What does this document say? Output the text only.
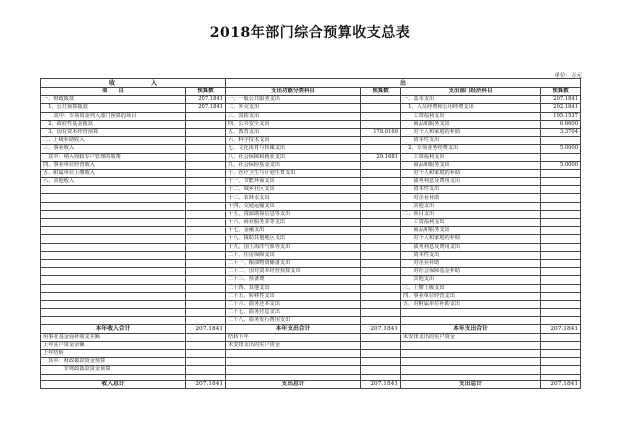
2018年部门综合预算收支总表
单位：万元
收　　　　　　入		出			
项　　目	预算数	支出功能分类科目	预算数	支出部门经济科目	预算数
一、财政拨款	207.1841	一、一般公共服务支出		一、基本支出	207.1841
　1、公共预算拨款	207.1841	二、外交支出		　1、人员经费和公用经费支出	202.1841
　　其中：专项资金列入部门预算的项目		三、国防支出		　　工资福利支出	195.1537
　2、政府性基金拨款		四、公共安全支出		　　商品和服务支出	6.6600
　3、国有资本经营预算		五、教育支出	178.0160	　　对个人和家庭的补助	3.3704
二、上级补助收入		六、科学技术支出		　　资本性支出	
三、事业收入		七、文化体育与传媒支出		　2、专项业务经费支出	5.0000
　其中：纳入财政专户管理的收费		八、社会保障和就业支出	29.1681	　　工资福利支出	
四、事业单位经营收入		九、社会保险基金支出		　　商品和服务支出	5.0000
五、附属单位上缴收入		十、医疗卫生与计划生育支出		　　对个人和家庭的补助	
六、其他收入		十一、节能环保支出		　　债务利息及费用支出	
		十二、城乡社区支出		　　资本性支出	
		十三、农林水支出		　　对企业补助	
		十四、交通运输支出		　　其他支出	
		十五、资源勘探信息等支出		二、项目支出	
		十六、商业服务业等支出		　　工资福利支出	
		十七、金融支出		　　商品和服务支出	
		十八、援助其他地区支出		　　对个人和家庭的补助	
		十九、国土海洋气象等支出		　　债务利息及费用支出	
		二十、住房保障支出		　　资本性支出	
		二十一、粮油物资储备支出		　　对企业补助	
		二十二、国有资本经营预算支出		　　对社会保障基金补助	
		二十三、预备费		　　其他支出	
		二十四、其他支出		三、上缴上级支出	
		二十五、转移性支出		四、事业单位经营支出	
		二十六、债务还本支出		五、对附属单位补助支出	
		二十七、债务付息支出			
		二十八、债务发行费用支出			
本年收入合计	207.1841	本年支出合计	207.1841	本年支出合计	207.1841
用事业基金弥补收支差额		结转下年		未安排支出的实户资金	
上年实户资金余额		未安排支出的实户资金			
上年结转					
　其中：财政拨款资金预算					
　　　　非财政拨款资金预算					

收入总计	207.1841	支出总计	207.1841	支出总计	207.1841
